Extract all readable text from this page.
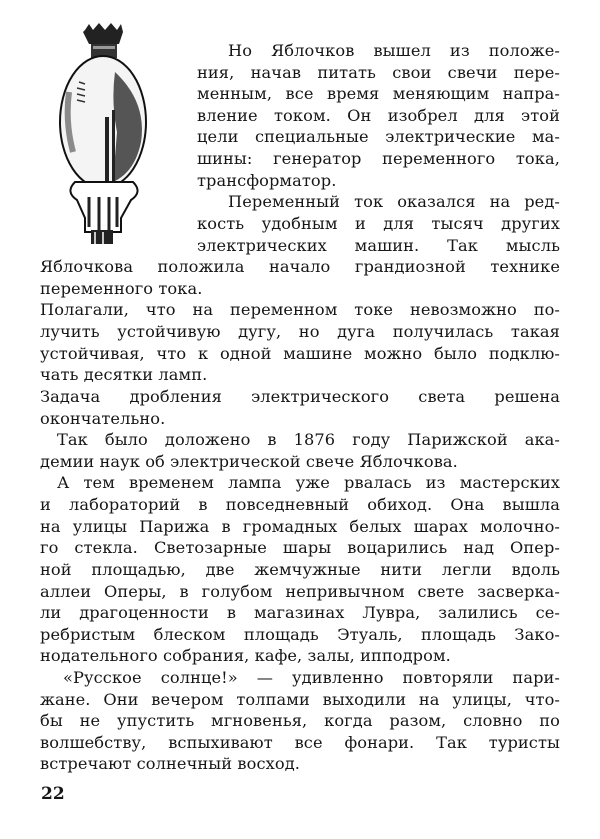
Но Яблочков вышел из положе-
ния, начав питать свои свечи пере-
менным, все время меняющим напра-
вление током. Он изобрел для этой
цели специальные электрические ма-
шины: генератор переменного тока,
трансформатор.
Переменный ток оказался на ред-
кость удобным и для тысяч других
электрических машин. Так мысль
Яблочкова положила начало грандиозной технике
переменного тока.
Полагали, что на переменном токе невозможно по-
лучить устойчивую дугу, но дуга получилась такая
устойчивая, что к одной машине можно было подклю-
чать десятки ламп.
Задача дробления электрического света решена
окончательно.
Так было доложено в 1876 году Парижской ака-
демии наук об электрической свече Яблочкова.
А тем временем лампа уже рвалась из мастерских
и лабораторий в повседневный обиход. Она вышла
на улицы Парижа в громадных белых шарах молочно-
го стекла. Светозарные шары воцарились над Опер-
ной площадью, две жемчужные нити легли вдоль
аллеи Оперы, в голубом непривычном свете засверка-
ли драгоценности в магазинах Лувра, залились се-
ребристым блеском площадь Этуаль, площадь Зако-
нодательного собрания, кафе, залы, ипподром.
«Русское солнце!» — удивленно повторяли пари-
жане. Они вечером толпами выходили на улицы, что-
бы не упустить мгновенья, когда разом, словно по
волшебству, вспыхивают все фонари. Так туристы
встречают солнечный восход.
22
